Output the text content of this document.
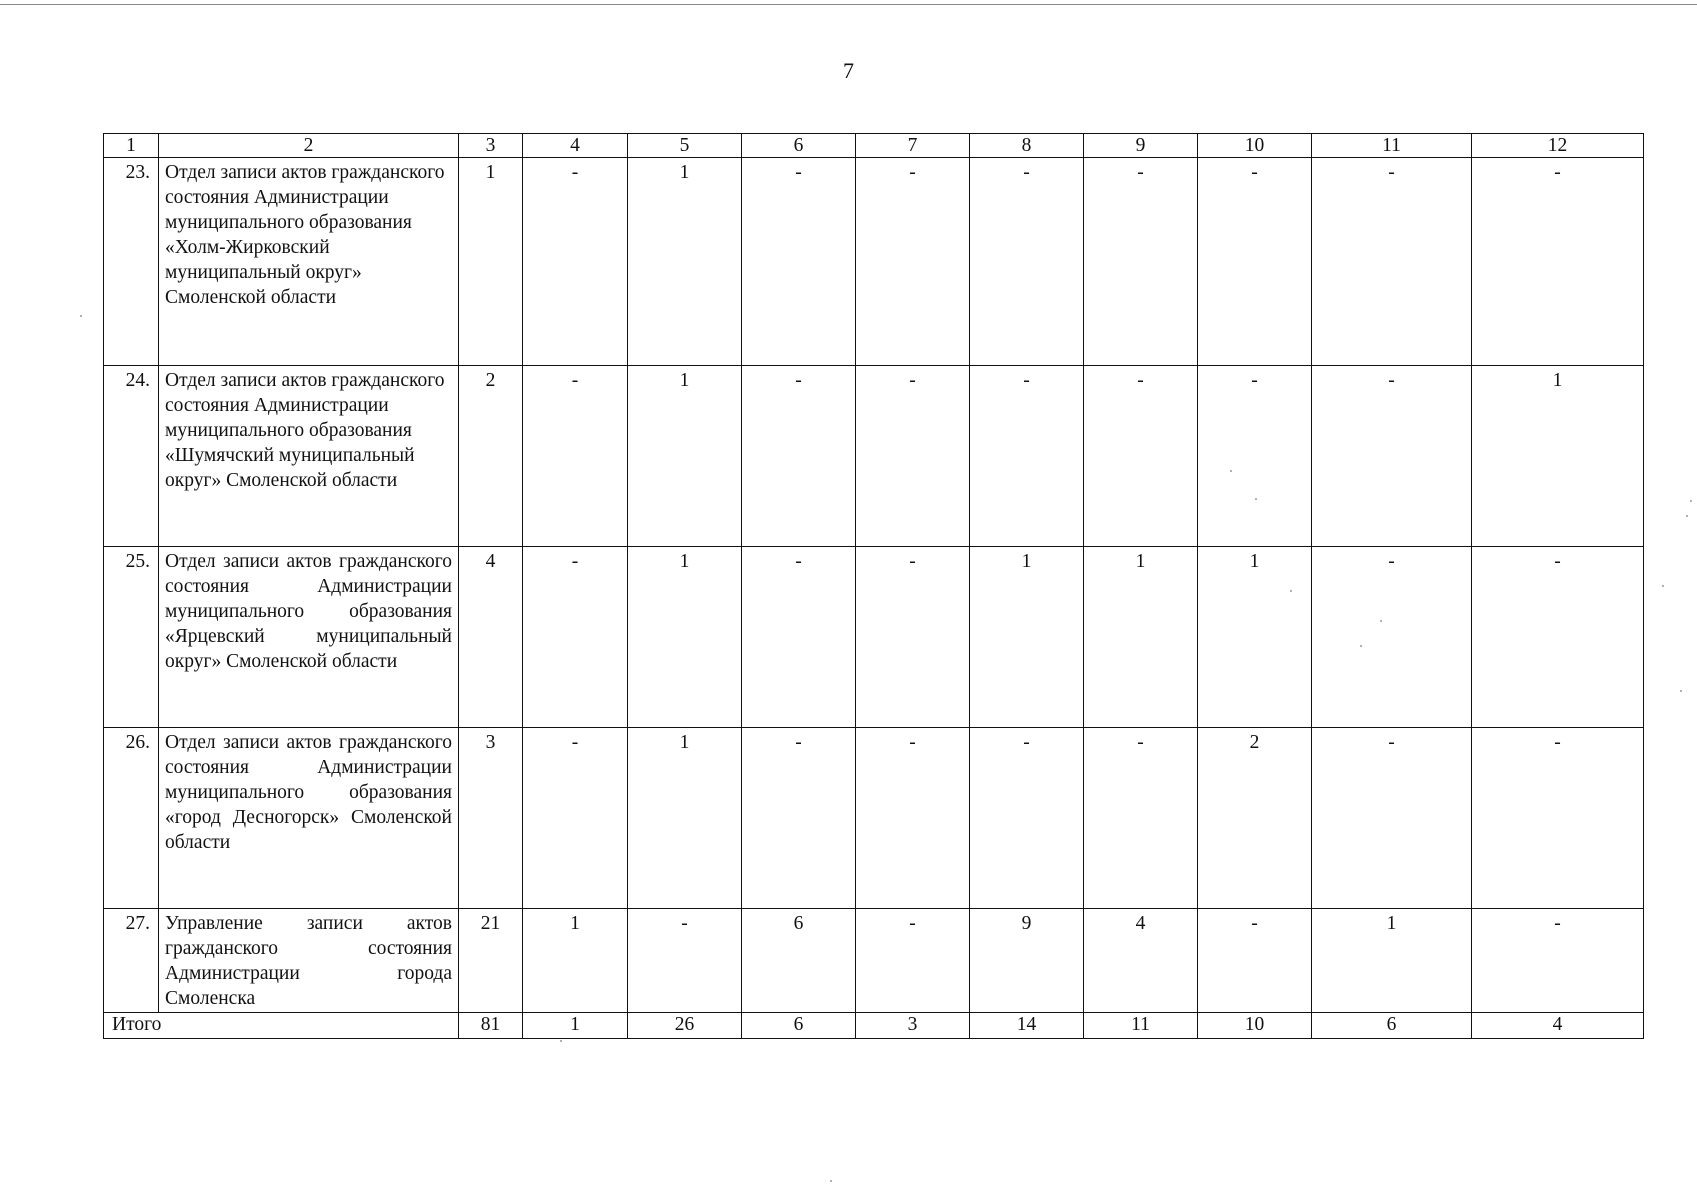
7
1	2	3	4	5	6	7	8	9	10	11	12
23.	Отдел записи актов гражданского состояния Администрации муниципального образования «Холм-Жирковский муниципальный округ» Смоленской области	1	-	1	-	-	-	-	-	-	-
24.	Отдел записи актов гражданского состояния Администрации муниципального образования «Шумячский муниципальный округ» Смоленской области	2	-	1	-	-	-	-	-	-	1
25.	Отдел записи актов гражданского состояния Администрации муниципального образования «Ярцевский муниципальный округ» Смоленской области	4	-	1	-	-	1	1	1	-	-
26.	Отдел записи актов гражданского состояния Администрации муниципального образования «город Десногорск» Смоленской области	3	-	1	-	-	-	-	2	-	-
27.	Управление записи актов гражданского состояния Администрации города Смоленска	21	1	-	6	-	9	4	-	1	-
Итого		81	1	26	6	3	14	11	10	6	4
